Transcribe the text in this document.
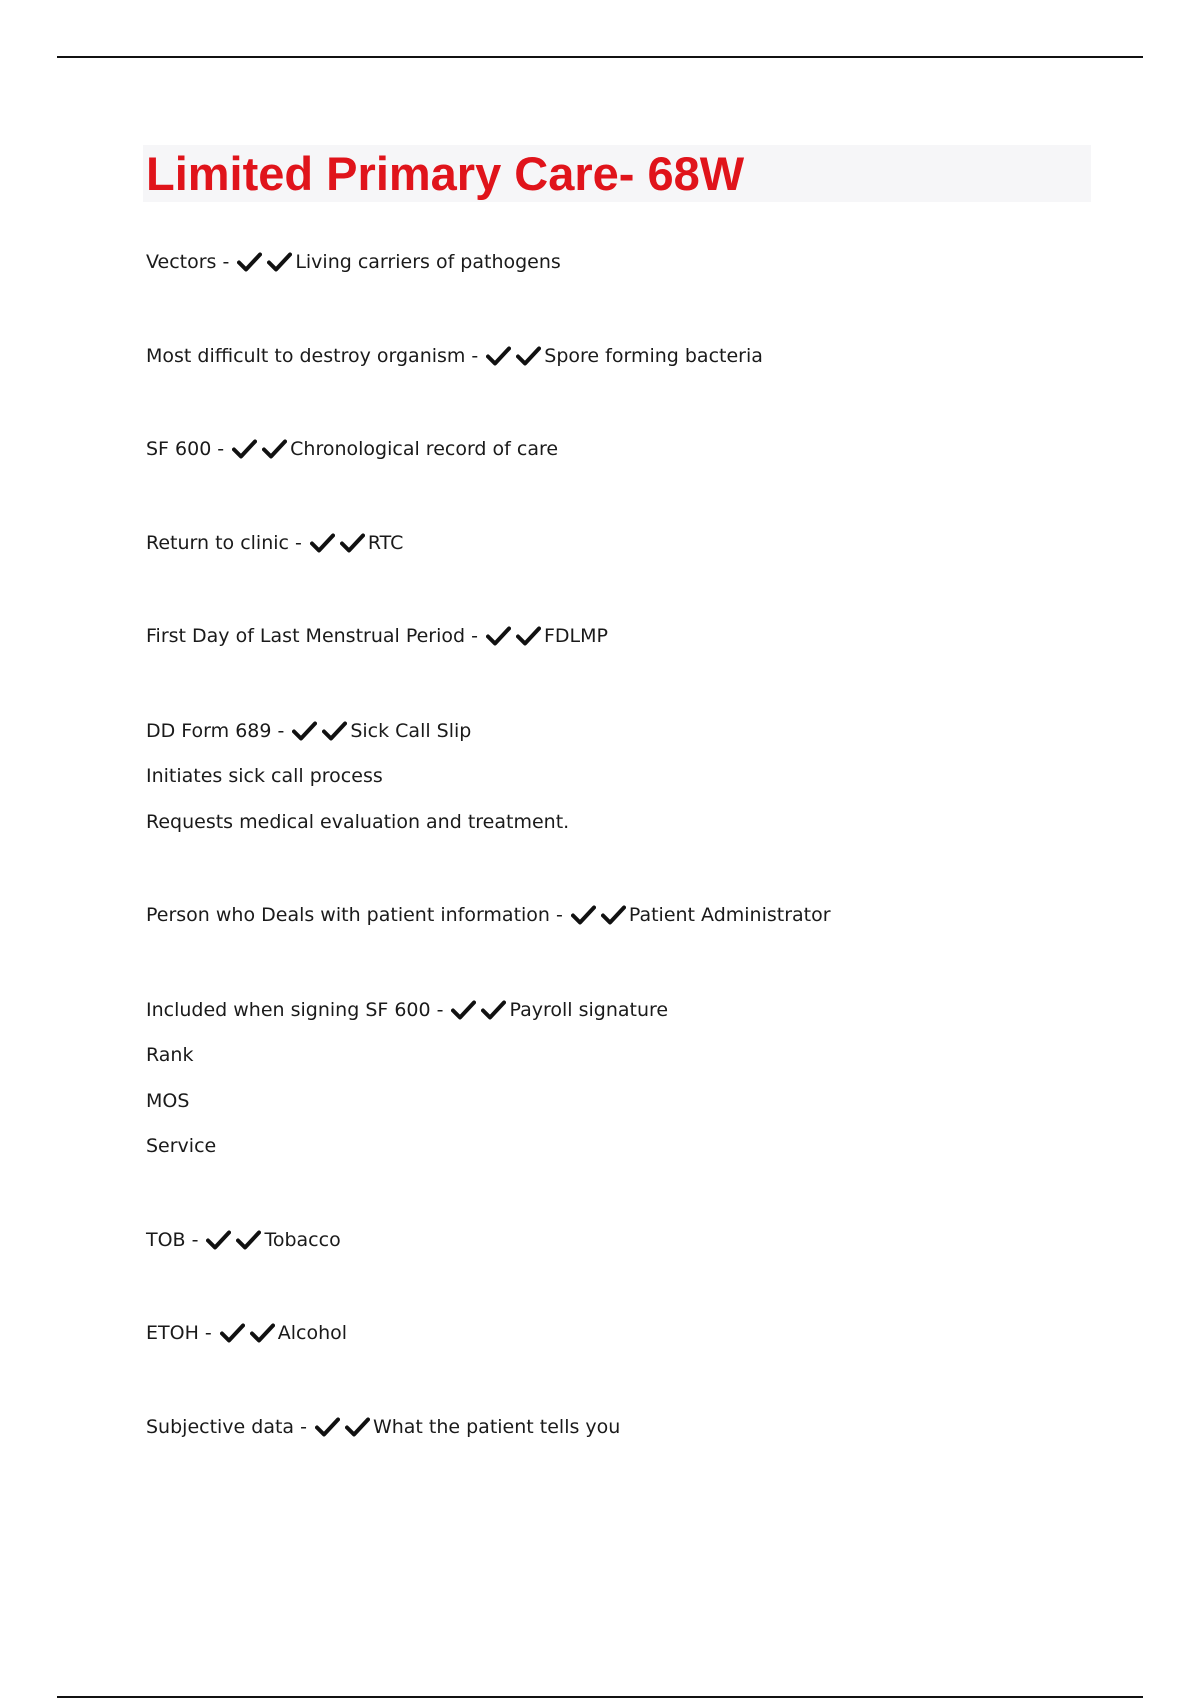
Limited Primary Care- 68W
Vectors -	Living carriers of pathogens
Most difficult to destroy organism -	Spore forming bacteria
SF 600 -	Chronological record of care
Return to clinic -	RTC
First Day of Last Menstrual Period -	FDLMP
DD Form 689 -	Sick Call Slip
Initiates sick call process
Requests medical evaluation and treatment.
Person who Deals with patient information -	Patient Administrator
Included when signing SF 600 -	Payroll signature
Rank
MOS
Service
TOB -	Tobacco
ETOH -	Alcohol
Subjective data -	What the patient tells you
